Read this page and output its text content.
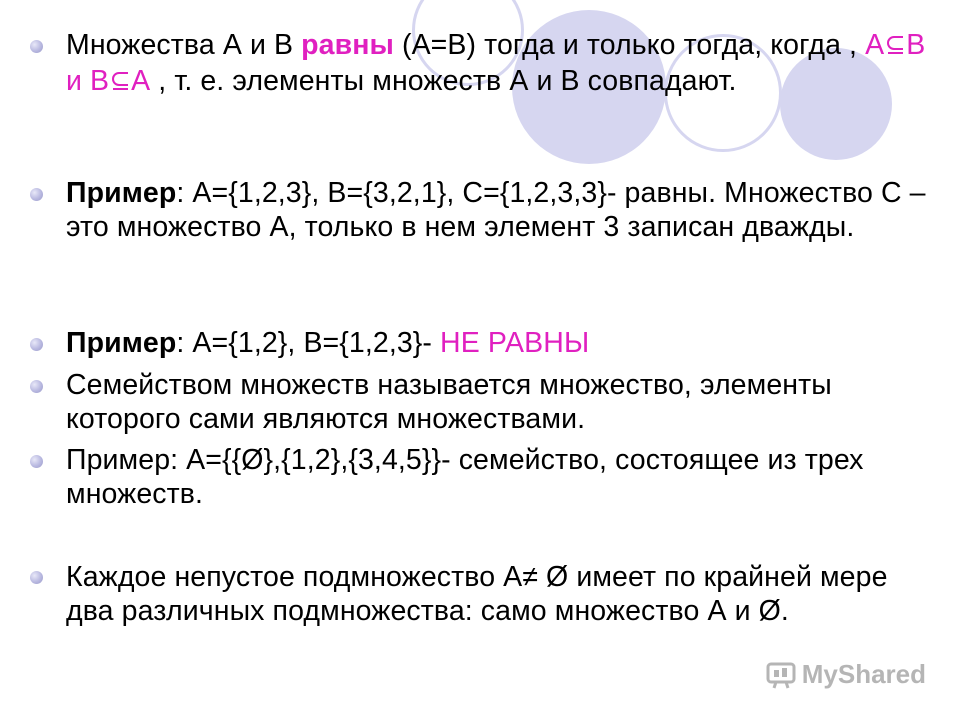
Множества А и В равны (А=В) тогда и только тогда, когда , А В и В А , т. е. элементы множеств А и В совпадают.
Пример: А={1,2,3}, В={3,2,1}, С={1,2,3,3}- равны. Множество С – это множество А, только в нем элемент 3 записан дважды.
Пример: А={1,2}, В={1,2,3}- НЕ РАВНЫ
Семейством множеств называется множество, элементы которого сами являются множествами.
Пример: А={{Ø},{1,2},{3,4,5}}- семейство, состоящее из трех множеств.
Каждое непустое подмножество А≠ Ø имеет по крайней мере два различных подмножества: само множество А и Ø.
MyShared
